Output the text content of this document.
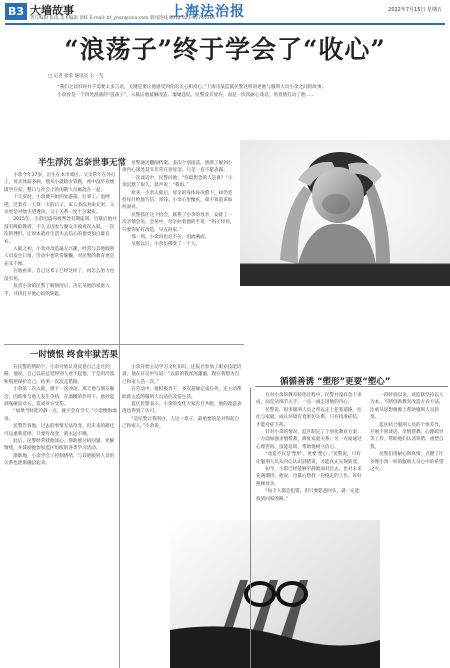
B3 大墙故事
责任编辑 张雨 美术编辑 徐栋 E-mail: bf_yhsz@sina.com 新闻热线 8012 021-62765366
上海法治报	2022年7月15日 星期五
“浪荡子”终于学会了“收心”
□ 记者 徐荣 通讯员 王一飞

“我们之间有时并不需要太多言语，关键是要让他感受到你的关心和真心。”上海市某监狱民警这样讲述他与服刑人员小余之间的故事。

小余曾是一个四处游荡的“浪荡子”，入狱后他抵触改造、屡屡违纪。民警没有放弃，而是一次次耐心谈话，用真情打动了他……

半生浮沉 怎奈世事无常

小余今年37岁，出生在本市郊区。父亲常年在外打工，母亲体弱多病，他从小就缺少管教，初中没毕业便辍学在家，整日与社会上的闲散人员厮混在一起。

十几岁时，小余便开始四处游荡，打零工、泡网吧，过着有一天算一天的日子。家人多次劝说无果，父亲更是对他失望透顶，父子关系一度十分紧张。

2015年，小余因盗窃被判处有期徒刑。出狱后他并没有吸取教训，不久又因参与聚众斗殴再次入狱。一次次的挫折，让原本就对生活失去信心的他更加自暴自弃。

入狱之初，小余对改造毫无兴趣，经常与其他服刑人员发生口角，劳动中也常常偷懒，对民警的教育更是充耳不闻。

在他看来，自己这辈子已经这样了，再怎么努力也没有用。

负责小余的民警了解情况后，决定从他的家庭入手，寻找打开他心结的钥匙。

民警通过翻阅档案、多次个别谈话，逐渐了解到小余内心深处其实非常在意母亲，只是一直不愿表露。

一次谈话中，民警问他：“你最想念的人是谁？”小余沉默了很久，低声说：“我妈。”

原来，小余入狱后，母亲的身体每况愈下，却仍坚持每月给他写信、寄钱。小余心里愧疚，却不知道该如何面对。

民警抓住这个机会，联系了小余的母亲，安排了一次亲情会见。会见中，母亲拉着他的手说：“妈不怪你，只要你好好改造，早点回家。”

那一刻，小余再也忍不住，泪流满面。

从那以后，小余仿佛变了一个人。

一时愤恨 终食牢狱苦果

在民警的帮助下，小余开始认真反思自己走过的路。他说，自己以前总觉得别人看不起他，于是用冷漠和叛逆保护自己，结果一次次走错路。

小余第二次入狱，源于一次冲动。那天他与朋友聚会，因琐事与他人发生争执，在酒精的作用下，他抄起酒瓶砸向对方，造成对方受伤。

“如果当时能冷静一点，就不会有今天。”小余懊悔地说。

民警告诉他，过去的事情无法改变，但未来的路还可以重新选择。只要肯改变，就永远不晚。

此后，民警经常找他谈心，帮助他分析问题、化解情绪，并鼓励他参加监区组织的各类学习活动。

渐渐地，小余学会了控制情绪，与其他服刑人员的关系也逐渐融洽起来。

小余开始主动学习文化知识，还报名参加了职业技能培训。他在日记中写道：“以前的我浑浑噩噩，现在我想为自己和家人活一次。”

在劳动中，他积极肯干，多次超额完成任务，还主动帮助新入监的服刑人员适应改造生活。

监区民警表示，小余的变化大家有目共睹，他的改造表现也得到了认可。

“是民警让我明白，人这一辈子，最重要的是对得起自己和家人。”小余说。

循循善诱 “塑形”更要“塑心”

在对小余的教育转化过程中，民警并没有急于求成，而是从细节入手，一点一滴走进他的内心。

民警说，很多服刑人员之所以走上犯罪道路，往往与家庭、成长环境有着密切关系。只有找准症结，才能对症下药。

针对小余的情况，监区制定了个别化教育方案：一方面加强亲情帮教，修复家庭关系；另一方面通过心理咨询、技能培训，帮助他树立信心。

“改造不仅是‘塑形’，更要‘塑心’。”民警说，只有让服刑人员从内心认识到错误，才能真正实现转变。

如今，小余已经能够平静地面对过去，也对未来充满期待。他说，出狱后想找一份稳定的工作，好好照顾母亲。

“每个人都会犯错，但只要愿意回头，就一定能找到回家的路。”

一段时间以来，该监狱坚持以人为本，不断创新教育改造方式方法，注重从思想根源上帮助服刑人员转变。

监区结合服刑人员的个体差异，开展个别谈话、亲情帮教、心理疏导等工作，帮助他们认清罪错、重塑自我。

民警们用耐心和真情，点燃了许多像小余一样的服刑人员心中的希望之火。
